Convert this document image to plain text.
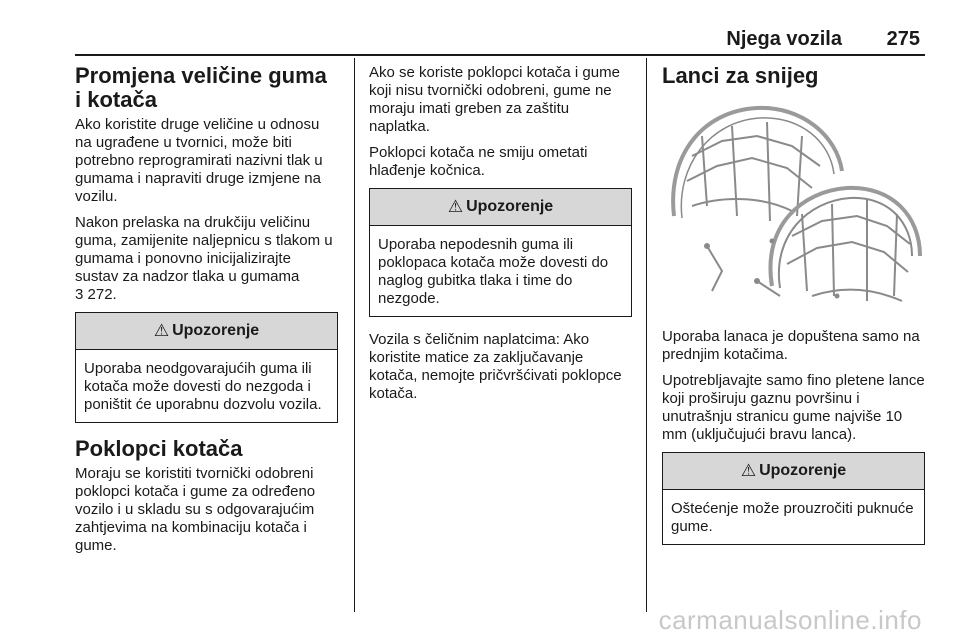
Njega vozila 275
Promjena veličine guma i kotača

Ako koristite druge veličine u odnosu na ugrađene u tvornici, može biti potrebno reprogramirati nazivni tlak u gumama i napraviti druge izmjene na vozilu.

Nakon prelaska na drukčiju veličinu guma, zamijenite naljepnicu s tlakom u gumama i ponovno inicijalizirajte sustav za nadzor tlaka u gumama
3 272.

⚠ Upozorenje
Uporaba neodgovarajućih guma ili kotača može dovesti do nezgoda i poništit će uporabnu dozvolu vozila.
Poklopci kotača

Moraju se koristiti tvornički odobreni poklopci kotača i gume za određeno vozilo i u skladu su s odgovarajućim zahtjevima na kombinaciju kotača i gume.

Ako se koriste poklopci kotača i gume koji nisu tvornički odobreni, gume ne moraju imati greben za zaštitu naplatka.

Poklopci kotača ne smiju ometati hlađenje kočnica.

⚠ Upozorenje
Uporaba nepodesnih guma ili poklopaca kotača može dovesti do naglog gubitka tlaka i time do nezgode.

Vozila s čeličnim naplatcima: Ako koristite matice za zaključavanje kotača, nemojte pričvršćivati poklopce kotača.

Lanci za snijeg

Uporaba lanaca je dopuštena samo na prednjim kotačima.

Upotrebljavajte samo fino pletene lance koji proširuju gaznu površinu i unutrašnju stranicu gume najviše 10 mm (uključujući bravu lanca).

⚠ Upozorenje
Oštećenje može prouzročiti puknuće gume.
carmanualsonline.info
